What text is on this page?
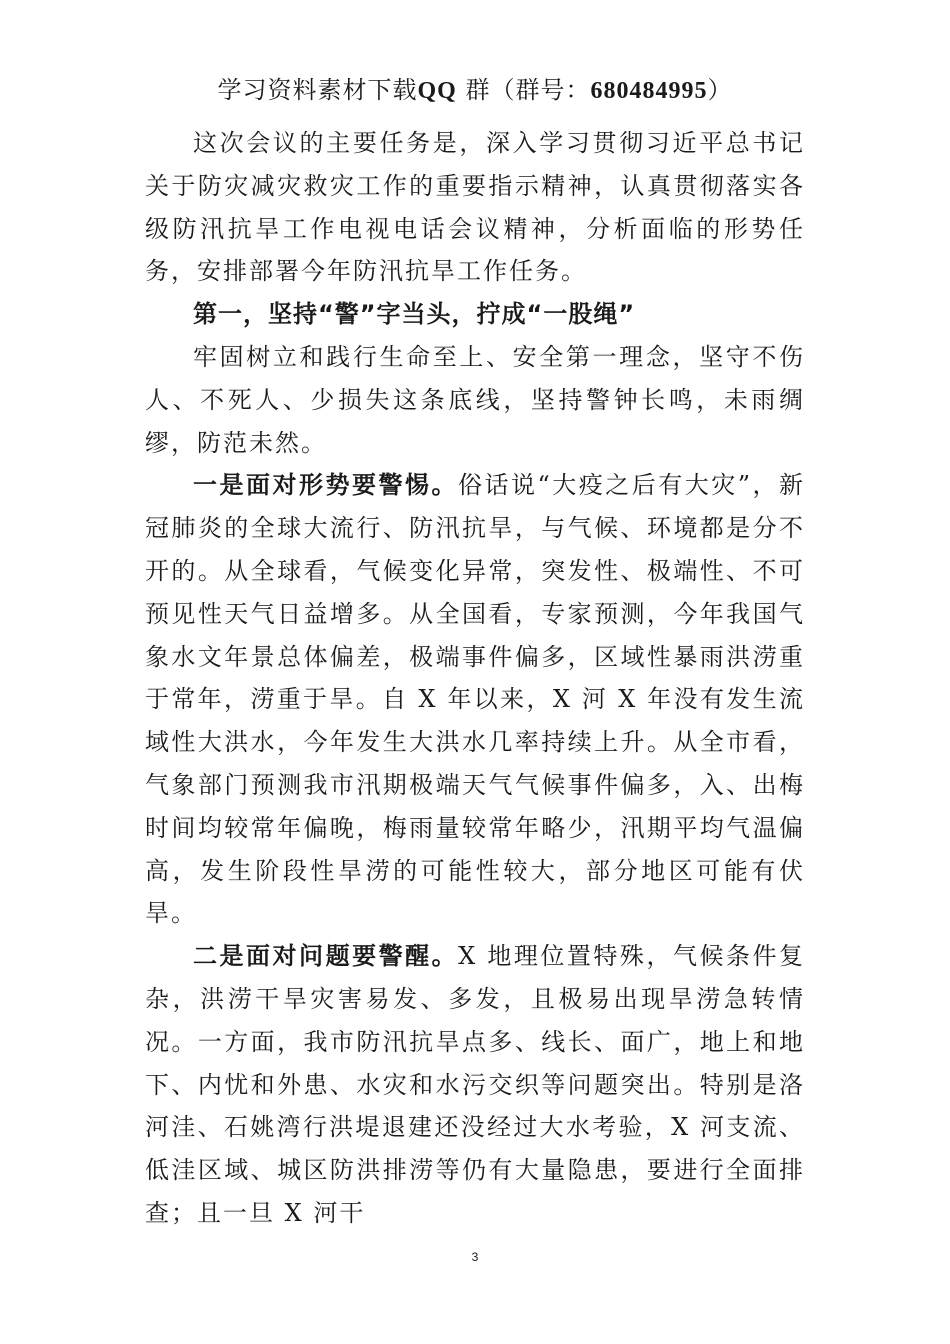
学习资料素材下载QQ 群（群号：680484995）

这次会议的主要任务是，深入学习贯彻习近平总书记关于防灾减灾救灾工作的重要指示精神，认真贯彻落实各级防汛抗旱工作电视电话会议精神，分析面临的形势任务，安排部署今年防汛抗旱工作任务。

第一，坚持“警”字当头，拧成“一股绳”

牢固树立和践行生命至上、安全第一理念，坚守不伤人、不死人、少损失这条底线，坚持警钟长鸣，未雨绸缪，防范未然。

一是面对形势要警惕。俗话说“大疫之后有大灾”，新冠肺炎的全球大流行、防汛抗旱，与气候、环境都是分不开的。从全球看，气候变化异常，突发性、极端性、不可预见性天气日益增多。从全国看，专家预测，今年我国气象水文年景总体偏差，极端事件偏多，区域性暴雨洪涝重于常年，涝重于旱。自 X 年以来，X 河 X 年没有发生流域性大洪水，今年发生大洪水几率持续上升。从全市看，气象部门预测我市汛期极端天气气候事件偏多，入、出梅时间均较常年偏晚，梅雨量较常年略少，汛期平均气温偏高，发生阶段性旱涝的可能性较大，部分地区可能有伏旱。

二是面对问题要警醒。X 地理位置特殊，气候条件复杂，洪涝干旱灾害易发、多发，且极易出现旱涝急转情况。一方面，我市防汛抗旱点多、线长、面广，地上和地下、内忧和外患、水灾和水污交织等问题突出。特别是洛河洼、石姚湾行洪堤退建还没经过大水考验，X 河支流、低洼区域、城区防洪排涝等仍有大量隐患，要进行全面排查；且一旦 X 河干

3
